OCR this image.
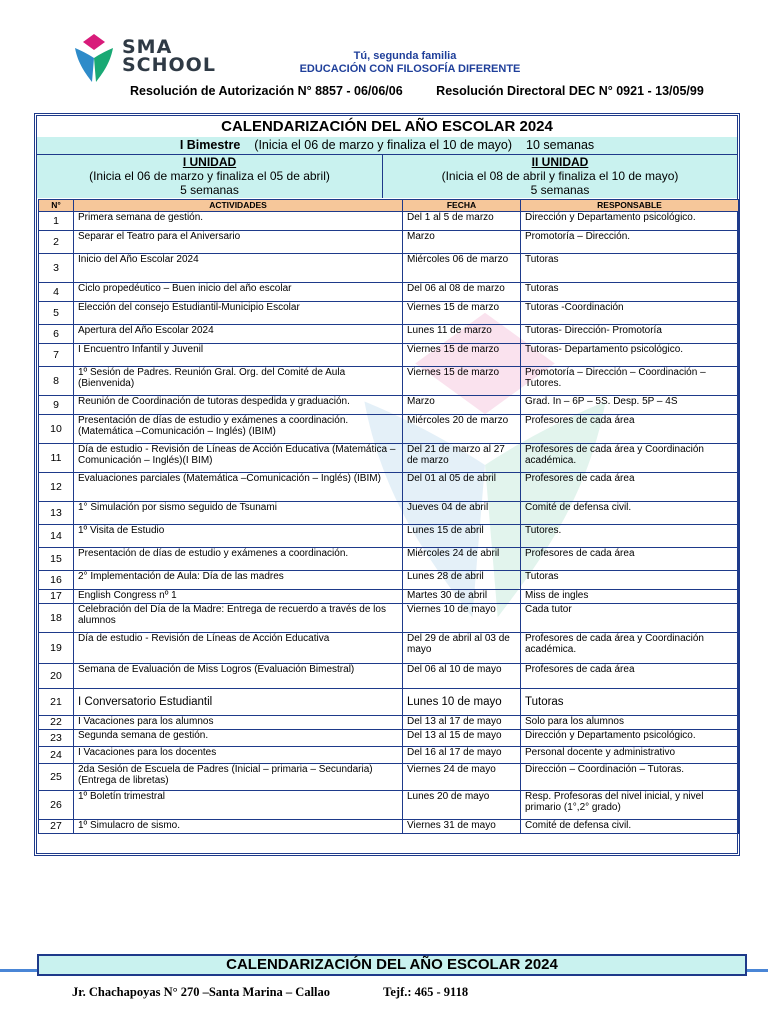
SMA
SCHOOL	Tú, segunda familia
EDUCACIÓN CON FILOSOFÍA DIFERENTE
Resolución de Autorización N° 8857 - 06/06/06	Resolución Directoral DEC N° 0921 - 13/05/99
CALENDARIZACIÓN DEL AÑO ESCOLAR 2024
I Bimestre (Inicia el 06 de marzo y finaliza el 10 de mayo) 10 semanas
I UNIDAD
(Inicia el 06 de marzo y finaliza el 05 de abril)
5 semanas
II UNIDAD
(Inicia el 08 de abril y finaliza el 10 de mayo)
5 semanas
N°	ACTIVIDADES	FECHA	RESPONSABLE
1	Primera semana de gestión.	Del 1 al 5 de marzo	Dirección y Departamento psicológico.
2	Separar el Teatro para el Aniversario	Marzo	Promotoría – Dirección.
3	Inicio del Año Escolar 2024	Miércoles 06 de marzo	Tutoras
4	Ciclo propedéutico – Buen inicio del año escolar	Del 06 al 08 de marzo	Tutoras
5	Elección del consejo Estudiantil-Municipio Escolar	Viernes 15 de marzo	Tutoras -Coordinación
6	Apertura del Año Escolar 2024	Lunes 11 de marzo	Tutoras- Dirección- Promotoría
7	I Encuentro Infantil y Juvenil	Viernes 15 de marzo	Tutoras- Departamento psicológico.
8	1º Sesión de Padres. Reunión Gral. Org. del Comité de Aula (Bienvenida)	Viernes 15 de marzo	Promotoría – Dirección – Coordinación – Tutores.
9	Reunión de Coordinación de tutoras despedida y graduación.	Marzo	Grad. In – 6P – 5S. Desp. 5P – 4S
10	Presentación de días de estudio y exámenes a coordinación. (Matemática –Comunicación – Inglés) (IBIM)	Miércoles 20 de marzo	Profesores de cada área
11	Día de estudio - Revisión de Líneas de Acción Educativa (Matemática –Comunicación – Inglés)(I BIM)	Del 21 de marzo al 27 de marzo	Profesores de cada área y Coordinación académica.
12	Evaluaciones parciales (Matemática –Comunicación – Inglés) (IBIM)	Del 01 al 05 de abril	Profesores de cada área
13	1° Simulación por sismo seguido de Tsunami	Jueves 04 de abril	Comité de defensa civil.
14	1º Visita de Estudio	Lunes 15 de abril	Tutores.
15	Presentación de días de estudio y exámenes a coordinación.	Miércoles 24 de abril	Profesores de cada área
16	2° Implementación de Aula: Día de las madres	Lunes 28 de abril	Tutoras
17	English Congress nº 1	Martes 30 de abril	Miss de ingles
18	Celebración del Día de la Madre: Entrega de recuerdo a través de los alumnos	Viernes 10 de mayo	Cada tutor
19	Día de estudio - Revisión de Líneas de Acción Educativa	Del 29 de abril al 03 de mayo	Profesores de cada área y Coordinación académica.
20	Semana de Evaluación de Miss Logros (Evaluación Bimestral)	Del 06 al 10 de mayo	Profesores de cada área
21	I Conversatorio Estudiantil	Lunes 10 de mayo	Tutoras
22	I Vacaciones para los alumnos	Del 13 al 17 de mayo	Solo para los alumnos
23	Segunda semana de gestión.	Del 13 al 15 de mayo	Dirección y Departamento psicológico.
24	I Vacaciones para los docentes	Del 16 al 17 de mayo	Personal docente y administrativo
25	2da Sesión de Escuela de Padres (Inicial – primaria – Secundaria) (Entrega de libretas)	Viernes 24 de mayo	Dirección – Coordinación – Tutoras.
26	1º Boletín trimestral	Lunes 20 de mayo	Resp. Profesoras del nivel inicial, y nivel primario (1°,2° grado)
27	1º Simulacro de sismo.	Viernes 31 de mayo	Comité de defensa civil.
CALENDARIZACIÓN DEL AÑO ESCOLAR 2024
Jr. Chachapoyas N° 270 –Santa Marina – Callao	Tejf.: 465 - 9118
